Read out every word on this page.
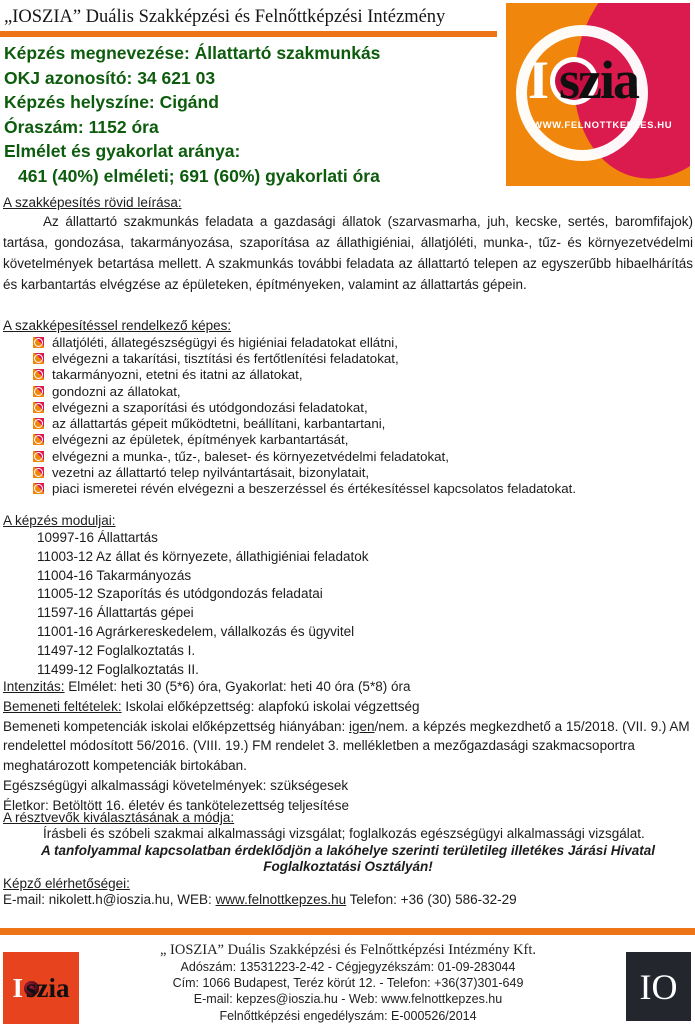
„IOSZIA” Duális Szakképzési és Felnőttképzési Intézmény
I szia
WWW.FELNOTTKEPZES.HU
Képzés megnevezése: Állattartó szakmunkás
OKJ azonosító: 34 621 03
Képzés helyszíne: Cigánd
Óraszám: 1152 óra
Elmélet és gyakorlat aránya:
461 (40%) elméleti; 691 (60%) gyakorlati óra
A szakképesítés rövid leírása:
Az állattartó szakmunkás feladata a gazdasági állatok (szarvasmarha, juh, kecske, sertés, baromfifajok) tartása, gondozása, takarmányozása, szaporítása az állathigiéniai, állatjóléti, munka-, tűz- és környezetvédelmi követelmények betartása mellett. A szakmunkás további feladata az állattartó telepen az egyszerűbb hibaelhárítás és karbantartás elvégzése az épületeken, építményeken, valamint az állattartás gépein.
A szakképesítéssel rendelkező képes:
állatjóléti, állategészségügyi és higiéniai feladatokat ellátni,
elvégezni a takarítási, tisztítási és fertőtlenítési feladatokat,
takarmányozni, etetni és itatni az állatokat,
gondozni az állatokat,
elvégezni a szaporítási és utódgondozási feladatokat,
az állattartás gépeit működtetni, beállítani, karbantartani,
elvégezni az épületek, építmények karbantartását,
elvégezni a munka-, tűz-, baleset- és környezetvédelmi feladatokat,
vezetni az állattartó telep nyilvántartásait, bizonylatait,
piaci ismeretei révén elvégezni a beszerzéssel és értékesítéssel kapcsolatos feladatokat.
A képzés moduljai:
10997-16 Állattartás
11003-12 Az állat és környezete, állathigiéniai feladatok
11004-16 Takarmányozás
11005-12 Szaporítás és utódgondozás feladatai
11597-16 Állattartás gépei
11001-16 Agrárkereskedelem, vállalkozás és ügyvitel
11497-12 Foglalkoztatás I.
11499-12 Foglalkoztatás II.
Intenzitás: Elmélet: heti 30 (5*6) óra, Gyakorlat: heti 40 óra (5*8) óra
Bemeneti feltételek: Iskolai előképzettség: alapfokú iskolai végzettség
Bemeneti kompetenciák iskolai előképzettség hiányában: igen/nem. a képzés megkezdhető a 15/2018. (VII. 9.) AM rendelettel módosított 56/2016. (VIII. 19.) FM rendelet 3. mellékletben a mezőgazdasági szakmacsoportra meghatározott kompetenciák birtokában.
Egészségügyi alkalmassági követelmények: szükségesek
Életkor: Betöltött 16. életév és tankötelezettség teljesítése
A résztvevők kiválasztásának a módja:
Írásbeli és szóbeli szakmai alkalmassági vizsgálat; foglalkozás egészségügyi alkalmassági vizsgálat.
A tanfolyammal kapcsolatban érdeklődjön a lakóhelye szerinti területileg illetékes Járási Hivatal Foglalkoztatási Osztályán!
Képző elérhetőségei:
E-mail: nikolett.h@ioszia.hu, WEB: www.felnottkepzes.hu Telefon: +36 (30) 586-32-29
I szia
„ IOSZIA” Duális Szakképzési és Felnőttképzési Intézmény Kft.
Adószám: 13531223-2-42 - Cégjegyzékszám: 01-09-283044
Cím: 1066 Budapest, Teréz körút 12. - Telefon: +36(37)301-649
E-mail: kepzes@ioszia.hu - Web: www.felnottkepzes.hu
Felnőttképzési engedélyszám: E-000526/2014
IO
